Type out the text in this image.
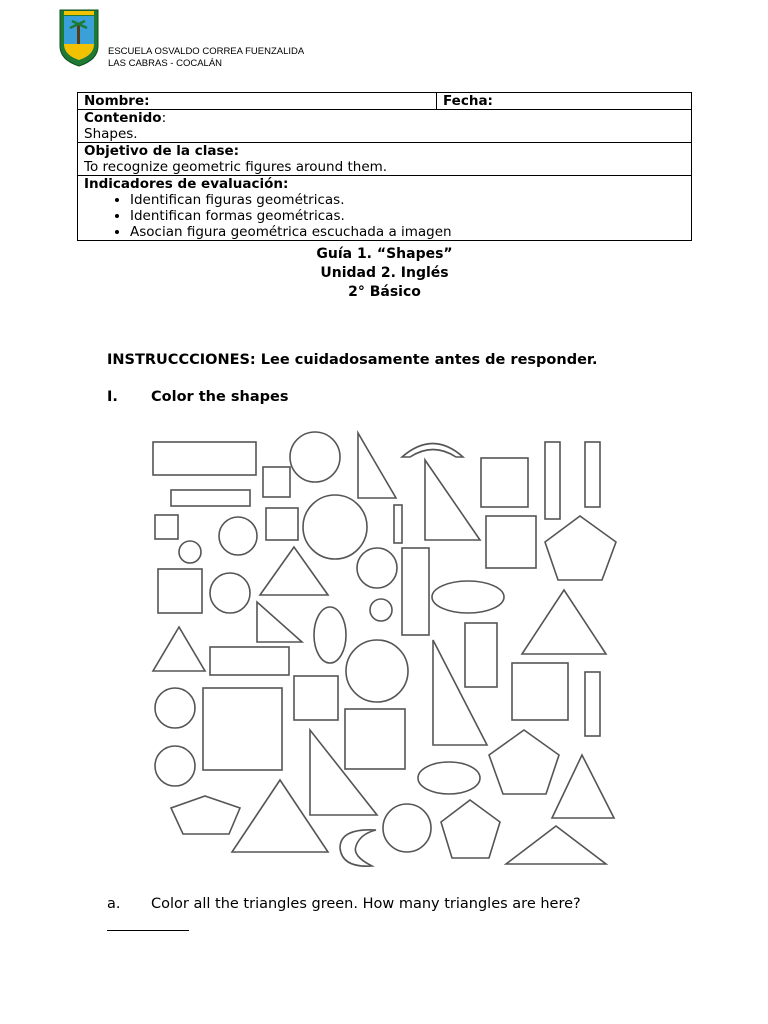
ESCUELA OSVALDO CORREA FUENZALIDA
LAS CABRAS - COCALÁN
Nombre:	Fecha:

Contenido:
Shapes.

Objetivo de la clase:
To recognize geometric figures around them.

Indicadores de evaluación:
• Identifican figuras geométricas.
• Identifican formas geométricas.
• Asocian figura geométrica escuchada a imagen
Guía 1. “Shapes”
Unidad 2. Inglés
2° Básico
INSTRUCCCIONES: Lee cuidadosamente antes de responder.
I. Color the shapes
a. Color all the triangles green. How many triangles are here?
